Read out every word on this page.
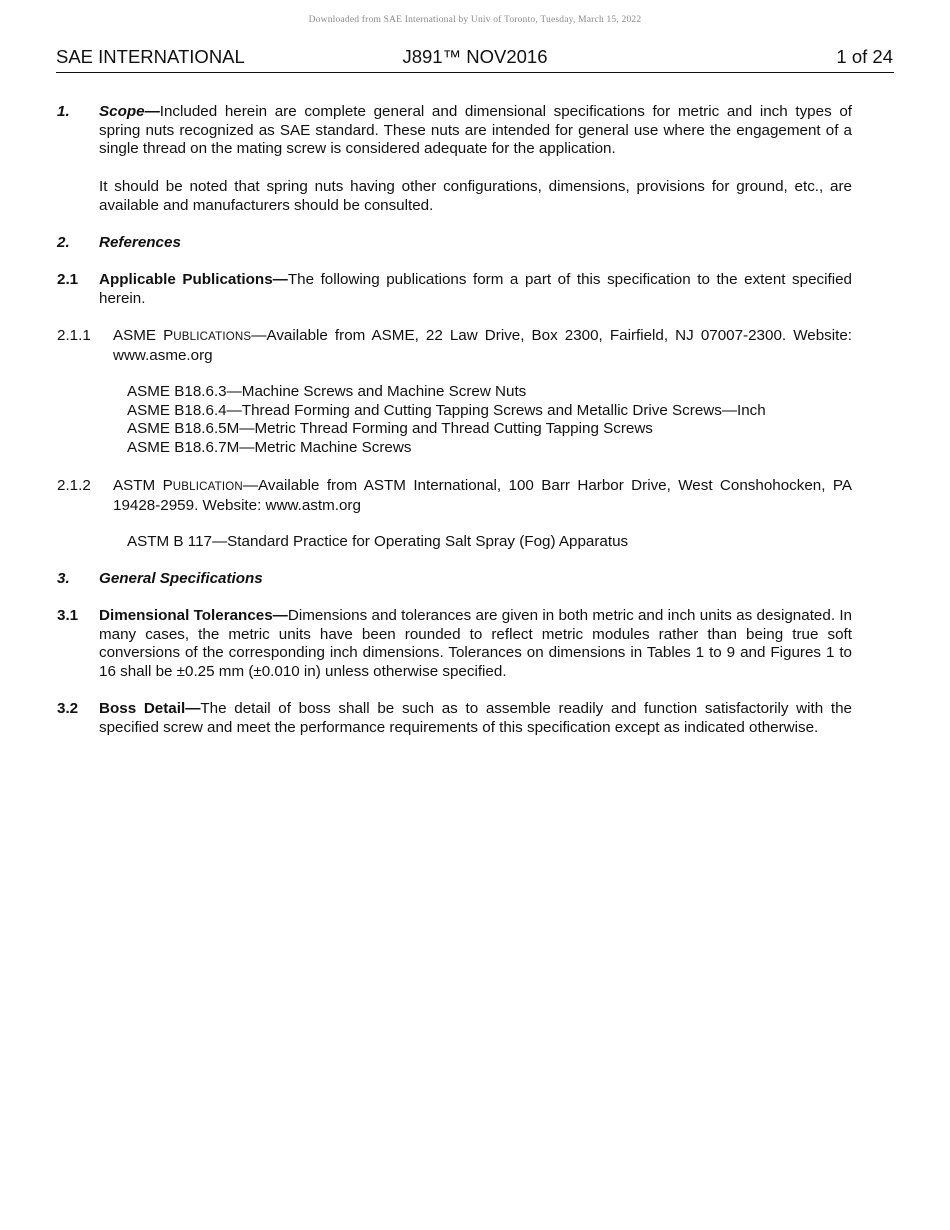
Downloaded from SAE International by Univ of Toronto, Tuesday, March 15, 2022
SAE INTERNATIONAL	J891™ NOV2016	1 of 24
1. Scope—Included herein are complete general and dimensional specifications for metric and inch types of spring nuts recognized as SAE standard. These nuts are intended for general use where the engagement of a single thread on the mating screw is considered adequate for the application.
It should be noted that spring nuts having other configurations, dimensions, provisions for ground, etc., are available and manufacturers should be consulted.
2. References
2.1 Applicable Publications—The following publications form a part of this specification to the extent specified herein.
2.1.1 ASME PUBLICATIONS—Available from ASME, 22 Law Drive, Box 2300, Fairfield, NJ 07007-2300. Website: www.asme.org
ASME B18.6.3—Machine Screws and Machine Screw Nuts
ASME B18.6.4—Thread Forming and Cutting Tapping Screws and Metallic Drive Screws—Inch
ASME B18.6.5M—Metric Thread Forming and Thread Cutting Tapping Screws
ASME B18.6.7M—Metric Machine Screws
2.1.2 ASTM PUBLICATION—Available from ASTM International, 100 Barr Harbor Drive, West Conshohocken, PA 19428-2959. Website: www.astm.org
ASTM B 117—Standard Practice for Operating Salt Spray (Fog) Apparatus
3. General Specifications
3.1 Dimensional Tolerances—Dimensions and tolerances are given in both metric and inch units as designated. In many cases, the metric units have been rounded to reflect metric modules rather than being true soft conversions of the corresponding inch dimensions. Tolerances on dimensions in Tables 1 to 9 and Figures 1 to 16 shall be ±0.25 mm (±0.010 in) unless otherwise specified.
3.2 Boss Detail—The detail of boss shall be such as to assemble readily and function satisfactorily with the specified screw and meet the performance requirements of this specification except as indicated otherwise.
